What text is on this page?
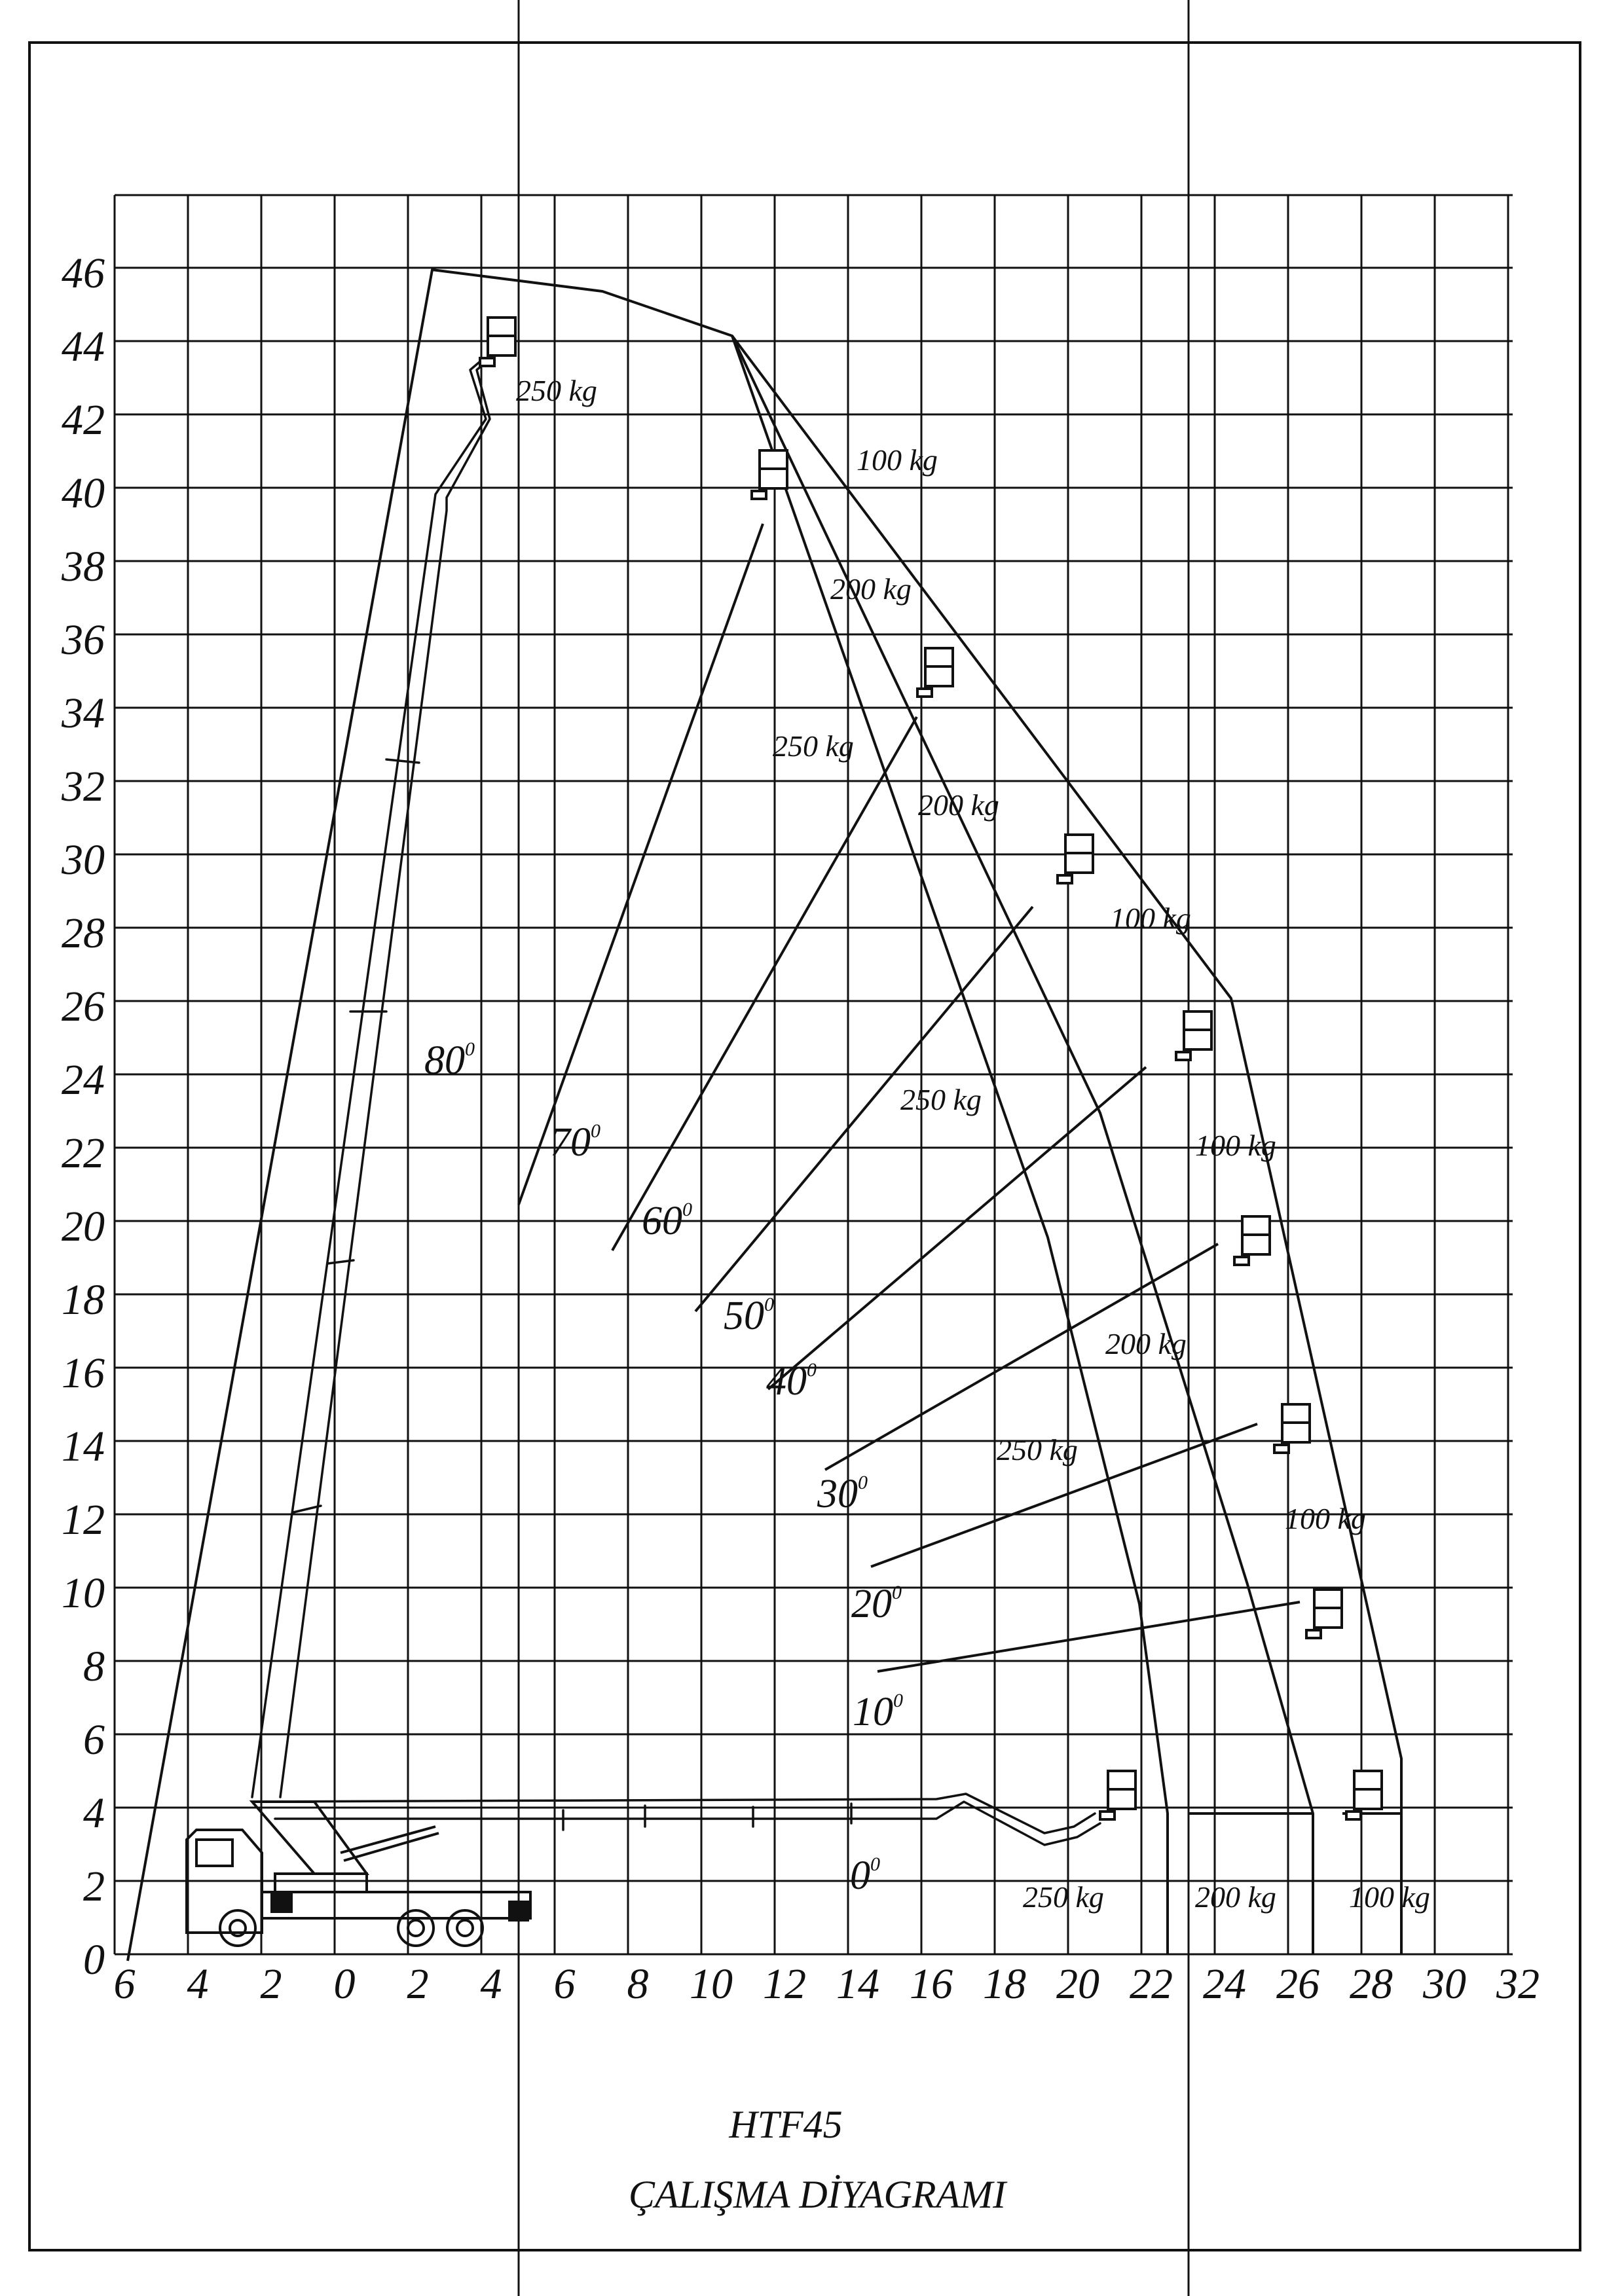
250 kg
100 kg
200 kg
250 kg
200 kg
100 kg
250 kg
100 kg
200 kg
250 kg
100 kg
250 kg	200 kg 100 kg
$80^0$
$70^0$
$60^0$
$50^0$
$40^0$
$30^0$
$20^0$
$10^0$
$0^0$
6 4 2 0 2 4 6 8 10 12 14 16 18 20 22 24 26 28 30 32
0
2
4
6
8
10
12
14
16
18
20
22
24
26
28
30
32
34
36
38
40
42
44
46
HTF45
ÇALIŞMA DİYAGRAMI
